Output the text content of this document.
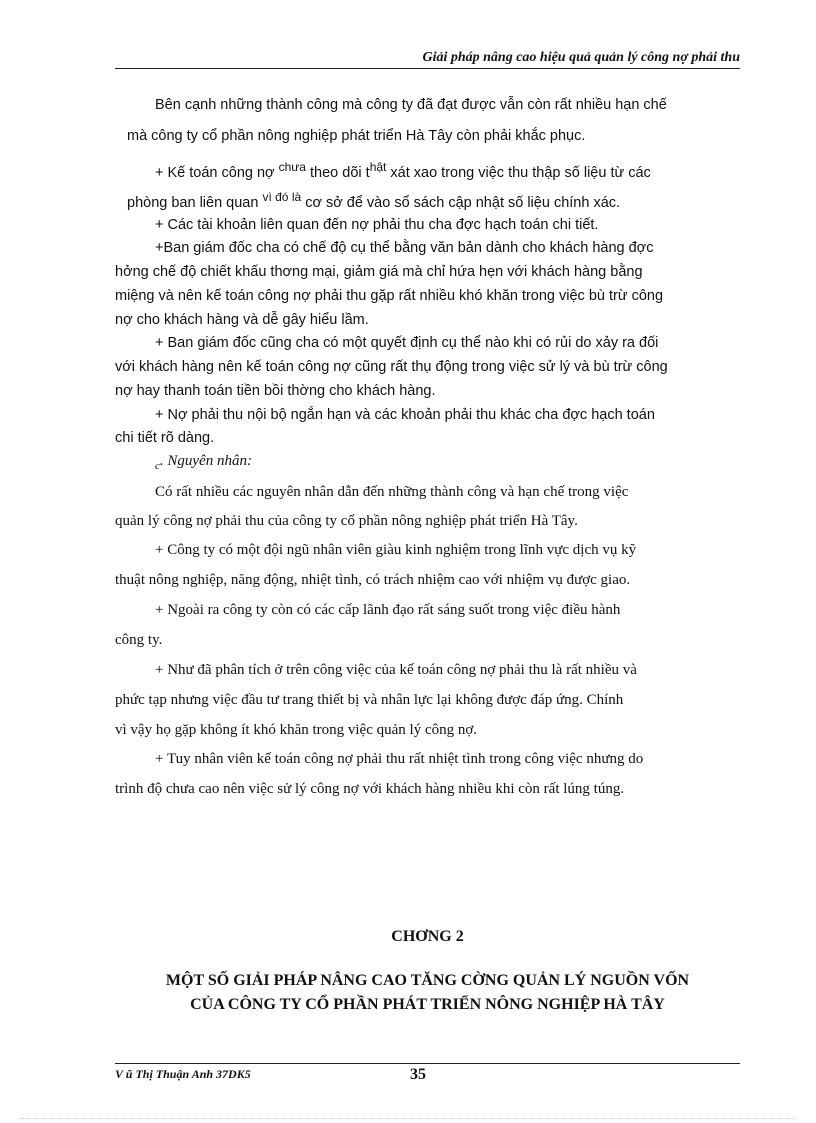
Giải pháp nâng cao hiệu quả quản lý công nợ phải thu
Bên cạnh những thành công mà công ty đã đạt được vẫn còn rất nhiều hạn chế
mà công ty cổ phần nông nghiệp phát triển Hà Tây còn phải khắc phục.
+ Kế toán công nợ $^{chưa}$ theo dõi $t^{hật}$ xát xao trong việc thu thập số liệu từ các
phòng ban liên quan $^{vì đó là}$ cơ sở để vào sổ sách cập nhật số liệu chính xác.
+ Các tài khoản liên quan đến nợ phải thu cha đợc hạch toán chi tiết.
+Ban giám đốc cha có chế độ cụ thể bằng văn bản dành cho khách hàng đợc
hởng chế độ chiết khấu thơng mại, giảm giá mà chỉ hứa hẹn với khách hàng bằng
miệng và nên kế toán công nợ phải thu gặp rất nhiều khó khăn trong việc bù trừ công
nợ cho khách hàng và dễ gây hiểu lầm.
+ Ban giám đốc cũng cha có một quyết định cụ thể nào khi có rủi do xảy ra đối
với khách hàng nên kế toán công nợ cũng rất thụ động trong việc sử lý và bù trừ công
nợ hay thanh toán tiền bồi thờng cho khách hàng.
+ Nợ phải thu nội bộ ngắn hạn và các khoản phải thu khác cha đợc hạch toán
chi tiết rõ dàng.
$_c$. Nguyên nhân:
Có rất nhiều các nguyên nhân dẫn đến những thành công và hạn chế trong việc
quản lý công nợ phải thu của công ty cổ phần nông nghiệp phát triển Hà Tây.
+ Công ty có một đội ngũ nhân viên giàu kinh nghiệm trong lĩnh vực dịch vụ kỹ
thuật nông nghiệp, năng động, nhiệt tình, có trách nhiệm cao với nhiệm vụ được giao.
+ Ngoài ra công ty còn có các cấp lãnh đạo rất sáng suốt trong việc điều hành
công ty.
+ Như đã phân tích ở trên công việc của kế toán công nợ phải thu là rất nhiều và
phức tạp nhưng việc đầu tư trang thiết bị và nhân lực lại không được đáp ứng. Chính
vì vậy họ gặp không ít khó khăn trong việc quản lý công nợ.
+ Tuy nhân viên kế toán công nợ phải thu rất nhiệt tình trong công việc nhưng do
trình độ chưa cao nên việc sử lý công nợ với khách hàng nhiều khi còn rất lúng túng.
CHƠNG 2
MỘT SỐ GIẢI PHÁP NÂNG CAO TĂNG CỜNG QUẢN LÝ NGUỒN VỐN
CỦA CÔNG TY CỔ PHẦN PHÁT TRIỂN NÔNG NGHIỆP HÀ TÂY
V ũ Thị Thuận Anh 37DK5	35
